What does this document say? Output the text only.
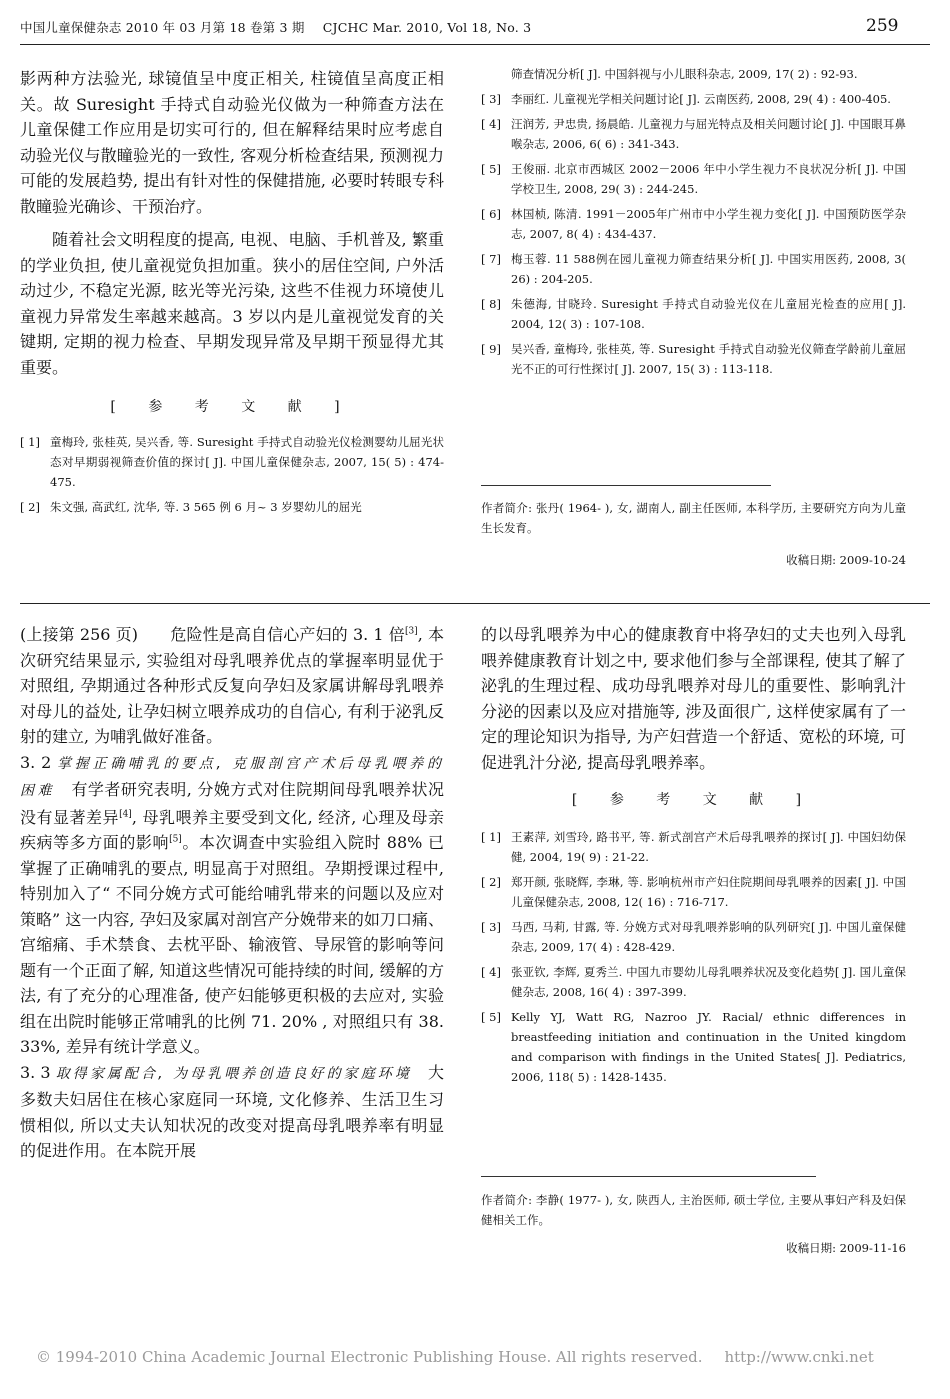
中国儿童保健杂志 2010 年 03 月第 18 卷第 3 期 CJCHC Mar. 2010, Vol 18, No. 3	259

影两种方法验光, 球镜值呈中度正相关, 柱镜值呈高度正相关。故 Suresight 手持式自动验光仪做为一种筛查方法在儿童保健工作应用是切实可行的, 但在解释结果时应考虑自动验光仪与散瞳验光的一致性, 客观分析检查结果, 预测视力可能的发展趋势, 提出有针对性的保健措施, 必要时转眼专科散瞳验光确诊、干预治疗。

随着社会文明程度的提高, 电视、电脑、手机普及, 繁重的学业负担, 使儿童视觉负担加重。狭小的居住空间, 户外活动过少, 不稳定光源, 眩光等光污染, 这些不佳视力环境使儿童视力异常发生率越来越高。3 岁以内是儿童视觉发育的关键期, 定期的视力检查、早期发现异常及早期干预显得尤其重要。

[ 参 考 文 献 ]
[ 1] 童梅玲, 张桂英, 吴兴香, 等. Suresight 手持式自动验光仪检测婴幼儿屈光状态对早期弱视筛查价值的探讨[ J]. 中国儿童保健杂志, 2007, 15( 5) : 474-475.
[ 2] 朱文强, 高武红, 沈华, 等. 3 565 例 6 月~ 3 岁婴幼儿的屈光
筛查情况分析[ J]. 中国斜视与小儿眼科杂志, 2009, 17( 2) : 92-93.
[ 3] 李丽红. 儿童视光学相关问题讨论[ J]. 云南医药, 2008, 29( 4) : 400-405.
[ 4] 汪润芳, 尹忠贵, 扬晨皓. 儿童视力与屈光特点及相关问题讨论[ J]. 中国眼耳鼻喉杂志, 2006, 6( 6) : 341-343.
[ 5] 王俊丽. 北京市西城区 2002－2006 年中小学生视力不良状况分析[ J]. 中国学校卫生, 2008, 29( 3) : 244-245.
[ 6] 林国桢, 陈清. 1991－2005年广州市中小学生视力变化[ J]. 中国预防医学杂志, 2007, 8( 4) : 434-437.
[ 7] 梅玉蓉. 11 588例在园儿童视力筛查结果分析[ J]. 中国实用医药, 2008, 3( 26) : 204-205.
[ 8] 朱德海, 甘晓玲. Suresight 手持式自动验光仪在儿童屈光检查的应用[ J]. 2004, 12( 3) : 107-108.
[ 9] 吴兴香, 童梅玲, 张桂英, 等. Suresight 手持式自动验光仪筛查学龄前儿童屈光不正的可行性探讨[ J]. 2007, 15( 3) : 113-118.
作者简介: 张丹( 1964- ), 女, 湖南人, 副主任医师, 本科学历, 主要研究方向为儿童生长发育。
收稿日期: 2009-10-24

(上接第 256 页)　　 危险性是高自信心产妇的 3. 1 倍[3], 本次研究结果显示, 实验组对母乳喂养优点的掌握率明显优于对照组, 孕期通过各种形式反复向孕妇及家属讲解母乳喂养对母儿的益处, 让孕妇树立喂养成功的自信心, 有利于泌乳反射的建立, 为哺乳做好准备。

3. 2 掌握正确哺乳的要点, 克服剖宫产术后母乳喂养的困难　 有学者研究表明, 分娩方式对住院期间母乳喂养状况没有显著差异[4], 母乳喂养主要受到文化, 经济, 心理及母亲疾病等多方面的影响[5]。本次调查中实验组入院时 88% 已掌握了正确哺乳的要点, 明显高于对照组。孕期授课过程中, 特别加入了“ 不同分娩方式可能给哺乳带来的问题以及应对策略” 这一内容, 孕妇及家属对剖宫产分娩带来的如刀口痛、宫缩痛、手术禁食、去枕平卧、输液管、导尿管的影响等问题有一个正面了解, 知道这些情况可能持续的时间, 缓解的方法, 有了充分的心理准备, 使产妇能够更积极的去应对, 实验组在出院时能够正常哺乳的比例 71. 20% , 对照组只有 38. 33%, 差异有统计学意义。

3. 3 取得家属配合, 为母乳喂养创造良好的家庭环境　 大多数夫妇居住在核心家庭同一环境, 文化修养、生活卫生习惯相似, 所以丈夫认知状况的改变对提高母乳喂养率有明显的促进作用。在本院开展

的以母乳喂养为中心的健康教育中将孕妇的丈夫也列入母乳喂养健康教育计划之中, 要求他们参与全部课程, 使其了解了泌乳的生理过程、成功母乳喂养对母儿的重要性、影响乳汁分泌的因素以及应对措施等, 涉及面很广, 这样使家属有了一定的理论知识为指导, 为产妇营造一个舒适、宽松的环境, 可促进乳汁分泌, 提高母乳喂养率。

[ 参 考 文 献 ]
[ 1] 王素萍, 刘雪玲, 路书平, 等. 新式剖宫产术后母乳喂养的探讨[ J]. 中国妇幼保健, 2004, 19( 9) : 21-22.
[ 2] 郑开颜, 张晓辉, 李琳, 等. 影响杭州市产妇住院期间母乳喂养的因素[ J]. 中国儿童保健杂志, 2008, 12( 16) : 716-717.
[ 3] 马西, 马莉, 甘露, 等. 分娩方式对母乳喂养影响的队列研究[ J]. 中国儿童保健杂志, 2009, 17( 4) : 428-429.
[ 4] 张亚钦, 李辉, 夏秀兰. 中国九市婴幼儿母乳喂养状况及变化趋势[ J]. 国儿童保健杂志, 2008, 16( 4) : 397-399.
[ 5] Kelly YJ, Watt RG, Nazroo JY. Racial/ ethnic differences in breastfeeding initiation and continuation in the United kingdom and comparison with findings in the United States[ J]. Pediatrics, 2006, 118( 5) : 1428-1435.
作者简介: 李静( 1977- ), 女, 陕西人, 主治医师, 硕士学位, 主要从事妇产科及妇保健相关工作。
收稿日期: 2009-11-16
© 1994-2010 China Academic Journal Electronic Publishing House. All rights reserved. http://www.cnki.net
